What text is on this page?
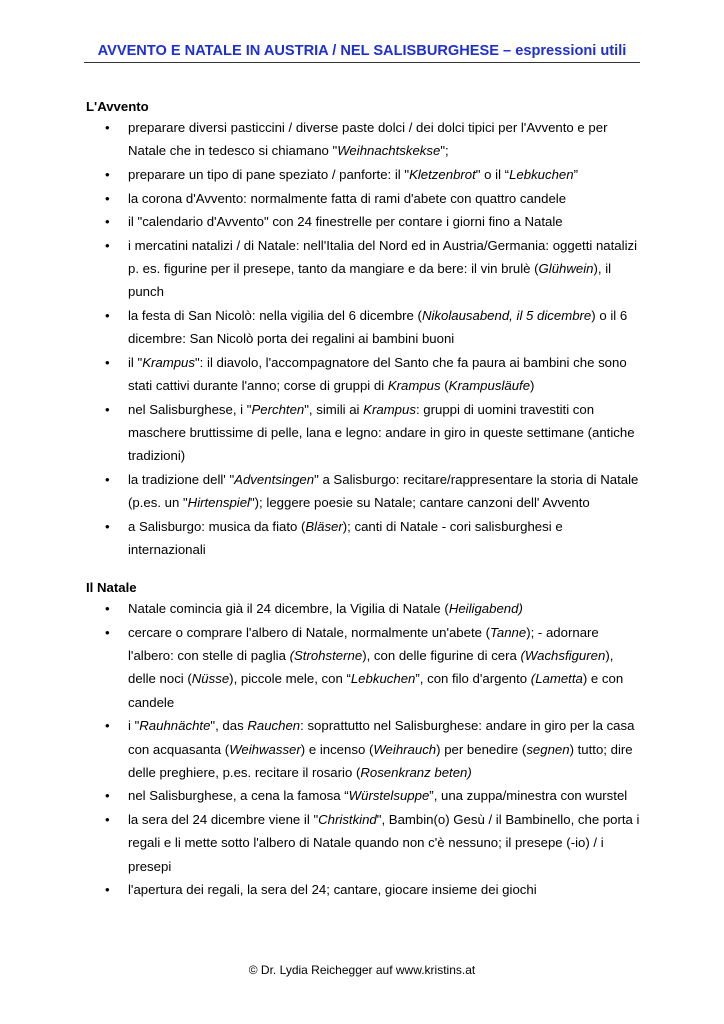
AVVENTO E NATALE IN AUSTRIA / NEL SALISBURGHESE – espressioni utili

L'Avvento

• preparare diversi pasticcini / diverse paste dolci / dei dolci tipici per l'Avvento e per Natale che in tedesco si chiamano "Weihnachtskekse";
• preparare un tipo di pane speziato / panforte: il "Kletzenbrot" o il “Lebkuchen”
• la corona d'Avvento: normalmente fatta di rami d'abete con quattro candele
• il "calendario d'Avvento" con 24 finestrelle per contare i giorni fino a Natale
• i mercatini natalizi / di Natale: nell'Italia del Nord ed in Austria/Germania: oggetti natalizi p. es. figurine per il presepe, tanto da mangiare e da bere: il vin brulè (Glühwein), il punch
• la festa di San Nicolò: nella vigilia del 6 dicembre (Nikolausabend, il 5 dicembre) o il 6 dicembre: San Nicolò porta dei regalini ai bambini buoni
• il "Krampus": il diavolo, l'accompagnatore del Santo che fa paura ai bambini che sono stati cattivi durante l'anno; corse di gruppi di Krampus (Krampusläufe)
• nel Salisburghese, i "Perchten", simili ai Krampus: gruppi di uomini travestiti con maschere bruttissime di pelle, lana e legno: andare in giro in queste settimane (antiche tradizioni)
• la tradizione dell' "Adventsingen" a Salisburgo: recitare/rappresentare la storia di Natale (p.es. un "Hirtenspiel"); leggere poesie su Natale; cantare canzoni dell' Avvento
• a Salisburgo: musica da fiato (Bläser); canti di Natale - cori salisburghesi e internazionali

Il Natale

• Natale comincia già il 24 dicembre, la Vigilia di Natale (Heiligabend)
• cercare o comprare l'albero di Natale, normalmente un'abete (Tanne); - adornare l'albero: con stelle di paglia (Strohsterne), con delle figurine di cera (Wachsfiguren), delle noci (Nüsse), piccole mele, con “Lebkuchen”, con filo d'argento (Lametta) e con candele
• i "Rauhnächte", das Rauchen: soprattutto nel Salisburghese: andare in giro per la casa con acquasanta (Weihwasser) e incenso (Weihrauch) per benedire (segnen) tutto; dire delle preghiere, p.es. recitare il rosario (Rosenkranz beten)
• nel Salisburghese, a cena la famosa “Würstelsuppe”, una zuppa/minestra con wurstel
• la sera del 24 dicembre viene il "Christkind", Bambin(o) Gesù / il Bambinello, che porta i regali e li mette sotto l'albero di Natale quando non c'è nessuno; il presepe (-io) / i presepi
• l'apertura dei regali, la sera del 24; cantare, giocare insieme dei giochi
© Dr. Lydia Reichegger auf www.kristins.at
